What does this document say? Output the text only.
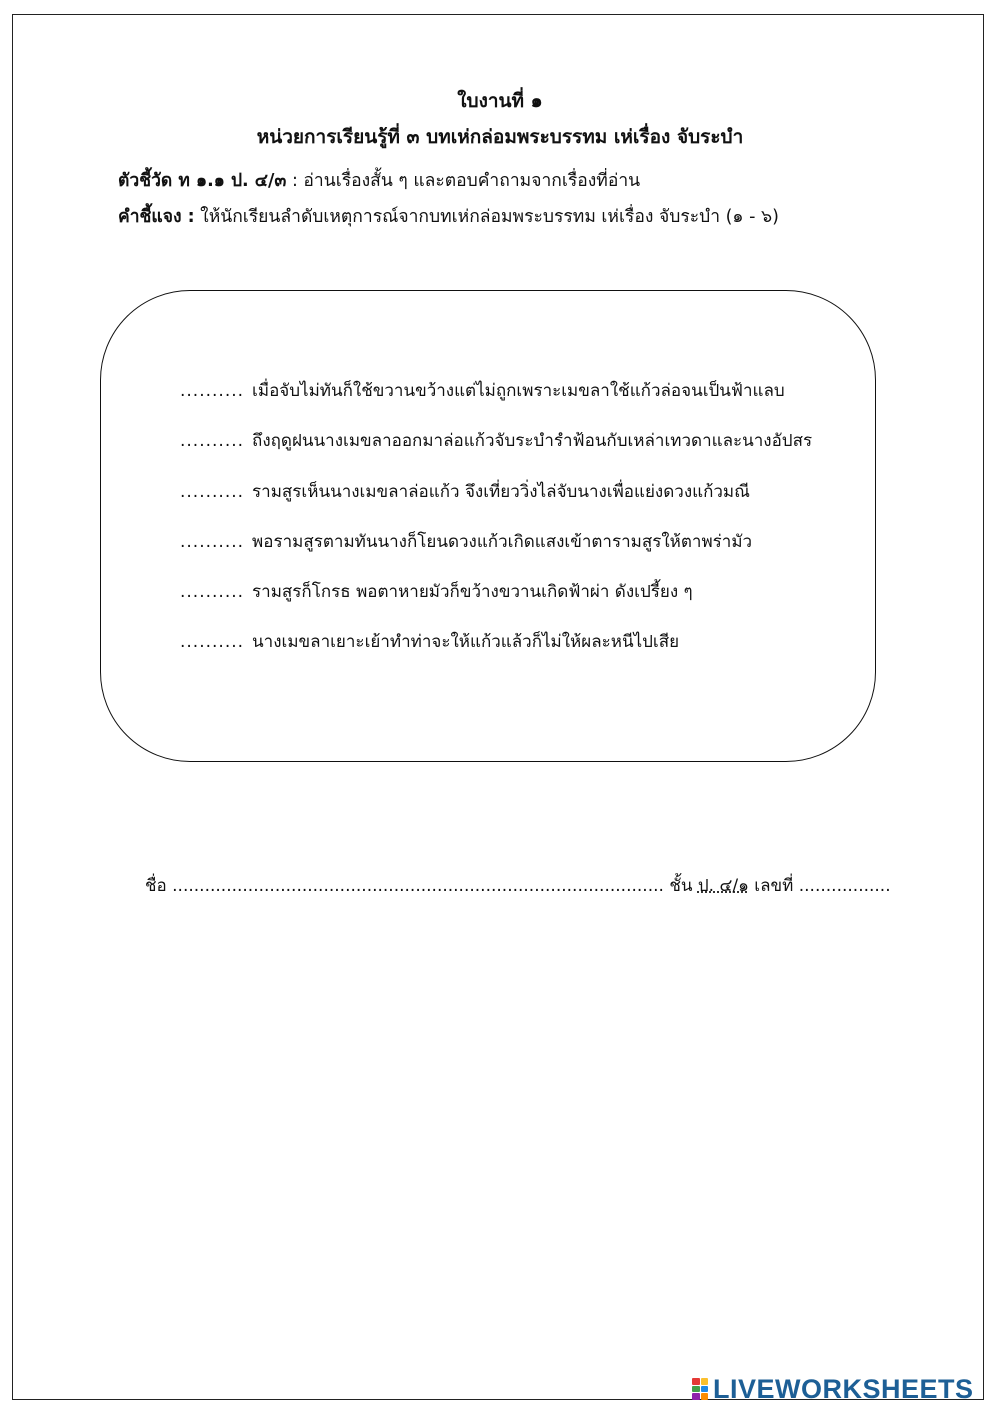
ใบงานที่ ๑
หน่วยการเรียนรู้ที่ ๓ บทเห่กล่อมพระบรรทม เห่เรื่อง จับระบำ
ตัวชี้วัด ท ๑.๑ ป. ๔/๓ : อ่านเรื่องสั้น ๆ และตอบคำถามจากเรื่องที่อ่าน
คำชี้แจง : ให้นักเรียนลำดับเหตุการณ์จากบทเห่กล่อมพระบรรทม เห่เรื่อง จับระบำ (๑ - ๖)
.......... เมื่อจับไม่ทันก็ใช้ขวานขว้างแต่ไม่ถูกเพราะเมขลาใช้แก้วล่อจนเป็นฟ้าแลบ
.......... ถึงฤดูฝนนางเมขลาออกมาล่อแก้วจับระบำรำฟ้อนกับเหล่าเทวดาและนางอัปสร
.......... รามสูรเห็นนางเมขลาล่อแก้ว จึงเที่ยววิ่งไล่จับนางเพื่อแย่งดวงแก้วมณี
.......... พอรามสูรตามทันนางก็โยนดวงแก้วเกิดแสงเข้าตารามสูรให้ตาพร่ามัว
.......... รามสูรก็โกรธ พอตาหายมัวก็ขว้างขวานเกิดฟ้าผ่า ดังเปรี้ยง ๆ
.......... นางเมขลาเยาะเย้าทำท่าจะให้แก้วแล้วก็ไม่ให้ผละหนีไปเสีย
ชื่อ ........................................................................................... ชั้น ป. ๔/๑ เลขที่ .................
LIVEWORKSHEETS
